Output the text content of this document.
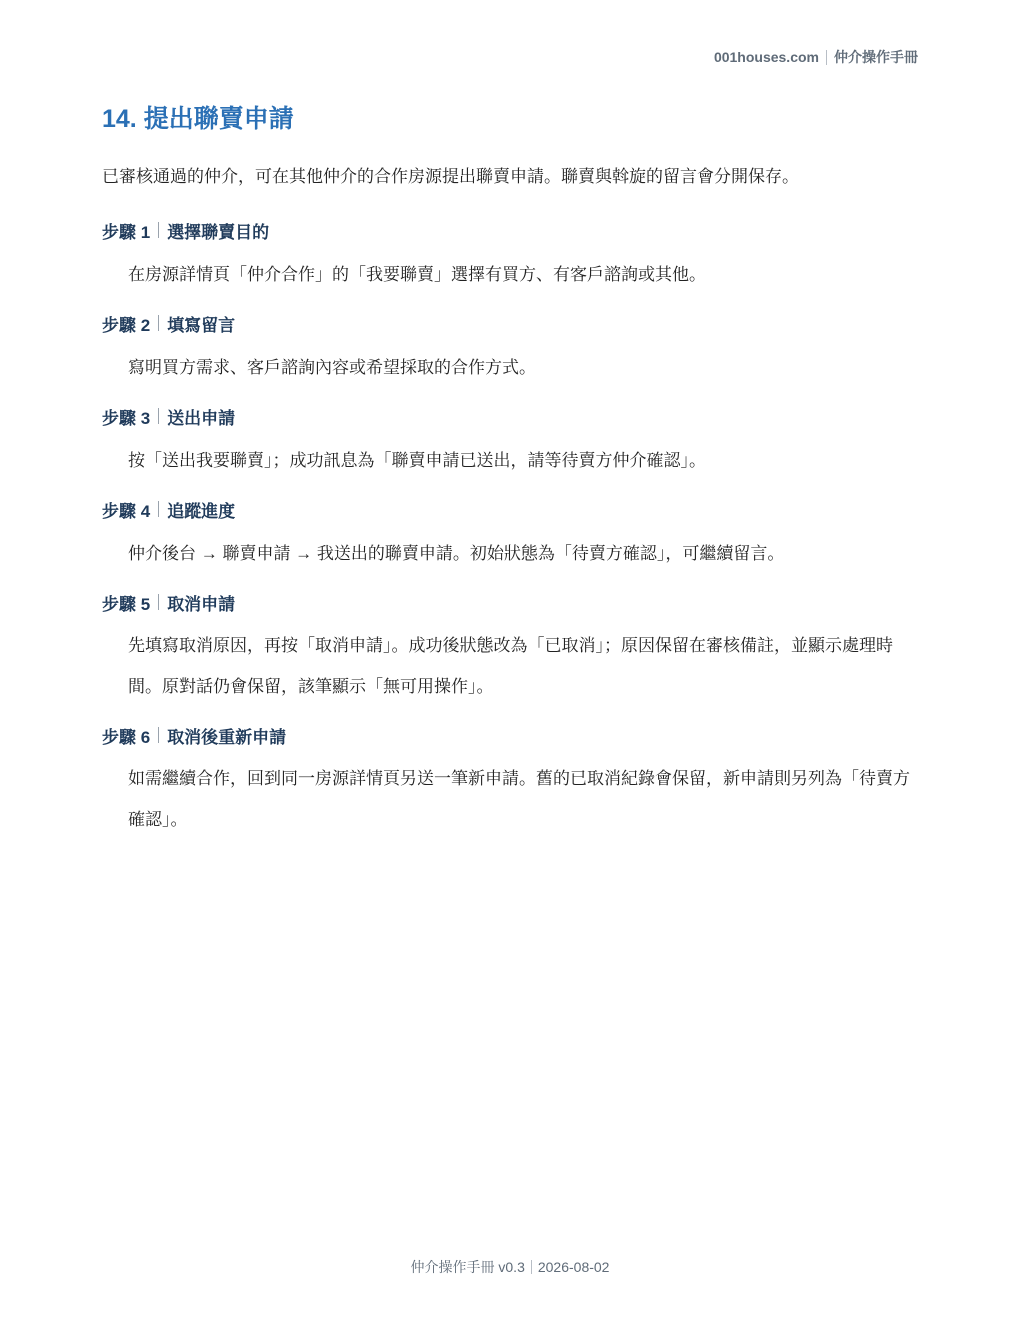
001houses.com 仲介操作手冊
14. 提出聯賣申請

已審核通過的仲介，可在其他仲介的合作房源提出聯賣申請。聯賣與斡旋的留言會分開保存。

步驟 1 選擇聯賣目的

在房源詳情頁「仲介合作」的「我要聯賣」選擇有買方、有客戶諮詢或其他。

步驟 2 填寫留言

寫明買方需求、客戶諮詢內容或希望採取的合作方式。

步驟 3 送出申請

按「送出我要聯賣」；成功訊息為「聯賣申請已送出，請等待賣方仲介確認」。

步驟 4 追蹤進度

仲介後台 → 聯賣申請 → 我送出的聯賣申請。初始狀態為「待賣方確認」，可繼續留言。

步驟 5 取消申請

先填寫取消原因，再按「取消申請」。成功後狀態改為「已取消」；原因保留在審核備註，並顯示處理時間。原對話仍會保留，該筆顯示「無可用操作」。

步驟 6 取消後重新申請

如需繼續合作，回到同一房源詳情頁另送一筆新申請。舊的已取消紀錄會保留，新申請則另列為「待賣方確認」。

仲介操作手冊 v0.3 2026-08-02
